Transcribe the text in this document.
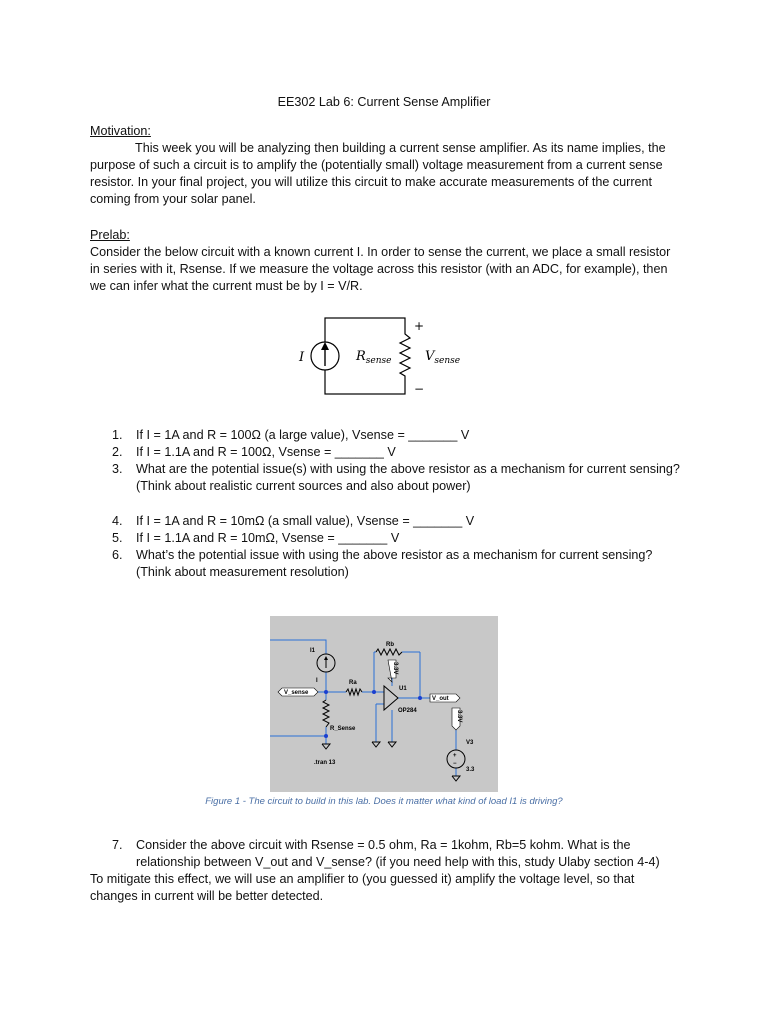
EE302 Lab 6: Current Sense Amplifier
Motivation:
This week you will be analyzing then building a current sense amplifier. As its name implies, the purpose of such a circuit is to amplify the (potentially small) voltage measurement from a current sense resistor. In your final project, you will utilize this circuit to make accurate measurements of the current coming from your solar panel.
Prelab:
Consider the below circuit with a known current I. In order to sense the current, we place a small resistor in series with it, Rsense. If we measure the voltage across this resistor (with an ADC, for example), then we can infer what the current must be by I = V/R.
I	$R_{sense}$	$V_{sense}$
+
−
1. If I = 1A and R = 100Ω (a large value), Vsense = _______ V
2. If I = 1.1A and R = 100Ω, Vsense = _______ V
3. What are the potential issue(s) with using the above resistor as a mechanism for current sensing? (Think about realistic current sources and also about power)
4. If I = 1A and R = 10mΩ (a small value), Vsense = _______ V
5. If I = 1.1A and R = 10mΩ, Vsense = _______ V
6. What’s the potential issue with using the above resistor as a mechanism for current sensing? (Think about measurement resolution)
+
−
I1
I	Ra
Rb
U1
OP284
V_sense
V_out
R_Sense
3.3V
3.3V
V3
3.3
.tran 13
Figure 1 - The circuit to build in this lab. Does it matter what kind of load I1 is driving?
7. Consider the above circuit with Rsense = 0.5 ohm, Ra = 1kohm, Rb=5 kohm. What is the relationship between V_out and V_sense? (if you need help with this, study Ulaby section 4-4)
To mitigate this effect, we will use an amplifier to (you guessed it) amplify the voltage level, so that changes in current will be better detected.
